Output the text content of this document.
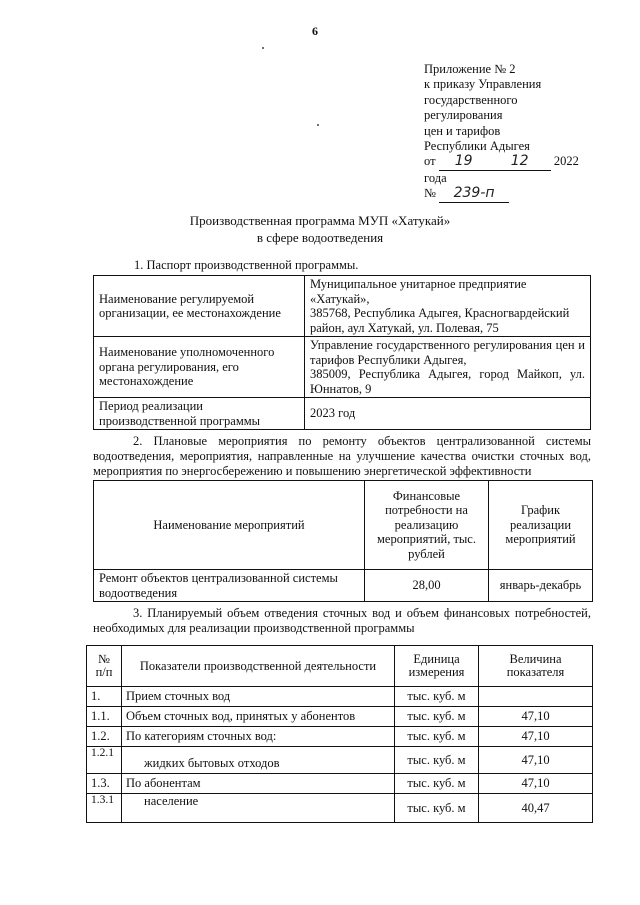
6
Приложение № 2
к приказу Управления
государственного
регулирования
цен и тарифов
Республики Адыгея
от 19	12 2022
года
№ 239-п
Производственная программа МУП «Хатукай»
в сфере водоотведения
1. Паспорт производственной программы.
Наименование регулируемой организации, ее местонахождение	Муниципальное унитарное предприятие «Хатукай»,
385768, Республика Адыгея, Красногвардейский район, аул Хатукай, ул. Полевая, 75

Наименование уполномоченного органа регулирования, его местонахождение	Управление государственного регулирования цен и тарифов Республики Адыгея,
385009, Республика Адыгея, город Майкоп, ул. Юннатов, 9

Период реализации производственной программы	2023 год
2. Плановые мероприятия по ремонту объектов централизованной системы водоотведения, мероприятия, направленные на улучшение качества очистки сточных вод, мероприятия по энергосбережению и повышению энергетической эффективности
Наименование мероприятий	Финансовые потребности на реализацию мероприятий, тыс. рублей	График реализации мероприятий
Ремонт объектов централизованной системы водоотведения	28,00	январь-декабрь
3. Планируемый объем отведения сточных вод и объем финансовых потребностей, необходимых для реализации производственной программы
№ п/п	Показатели производственной деятельности	Единица измерения	Величина показателя
1.	Прием сточных вод	тыс. куб. м	
1.1.	Объем сточных вод, принятых у абонентов	тыс. куб. м	47,10
1.2.	По категориям сточных вод:	тыс. куб. м	47,10
1.2.1	жидких бытовых отходов	тыс. куб. м	47,10
1.3.	По абонентам	тыс. куб. м	47,10
1.3.1	население	тыс. куб. м	40,47
